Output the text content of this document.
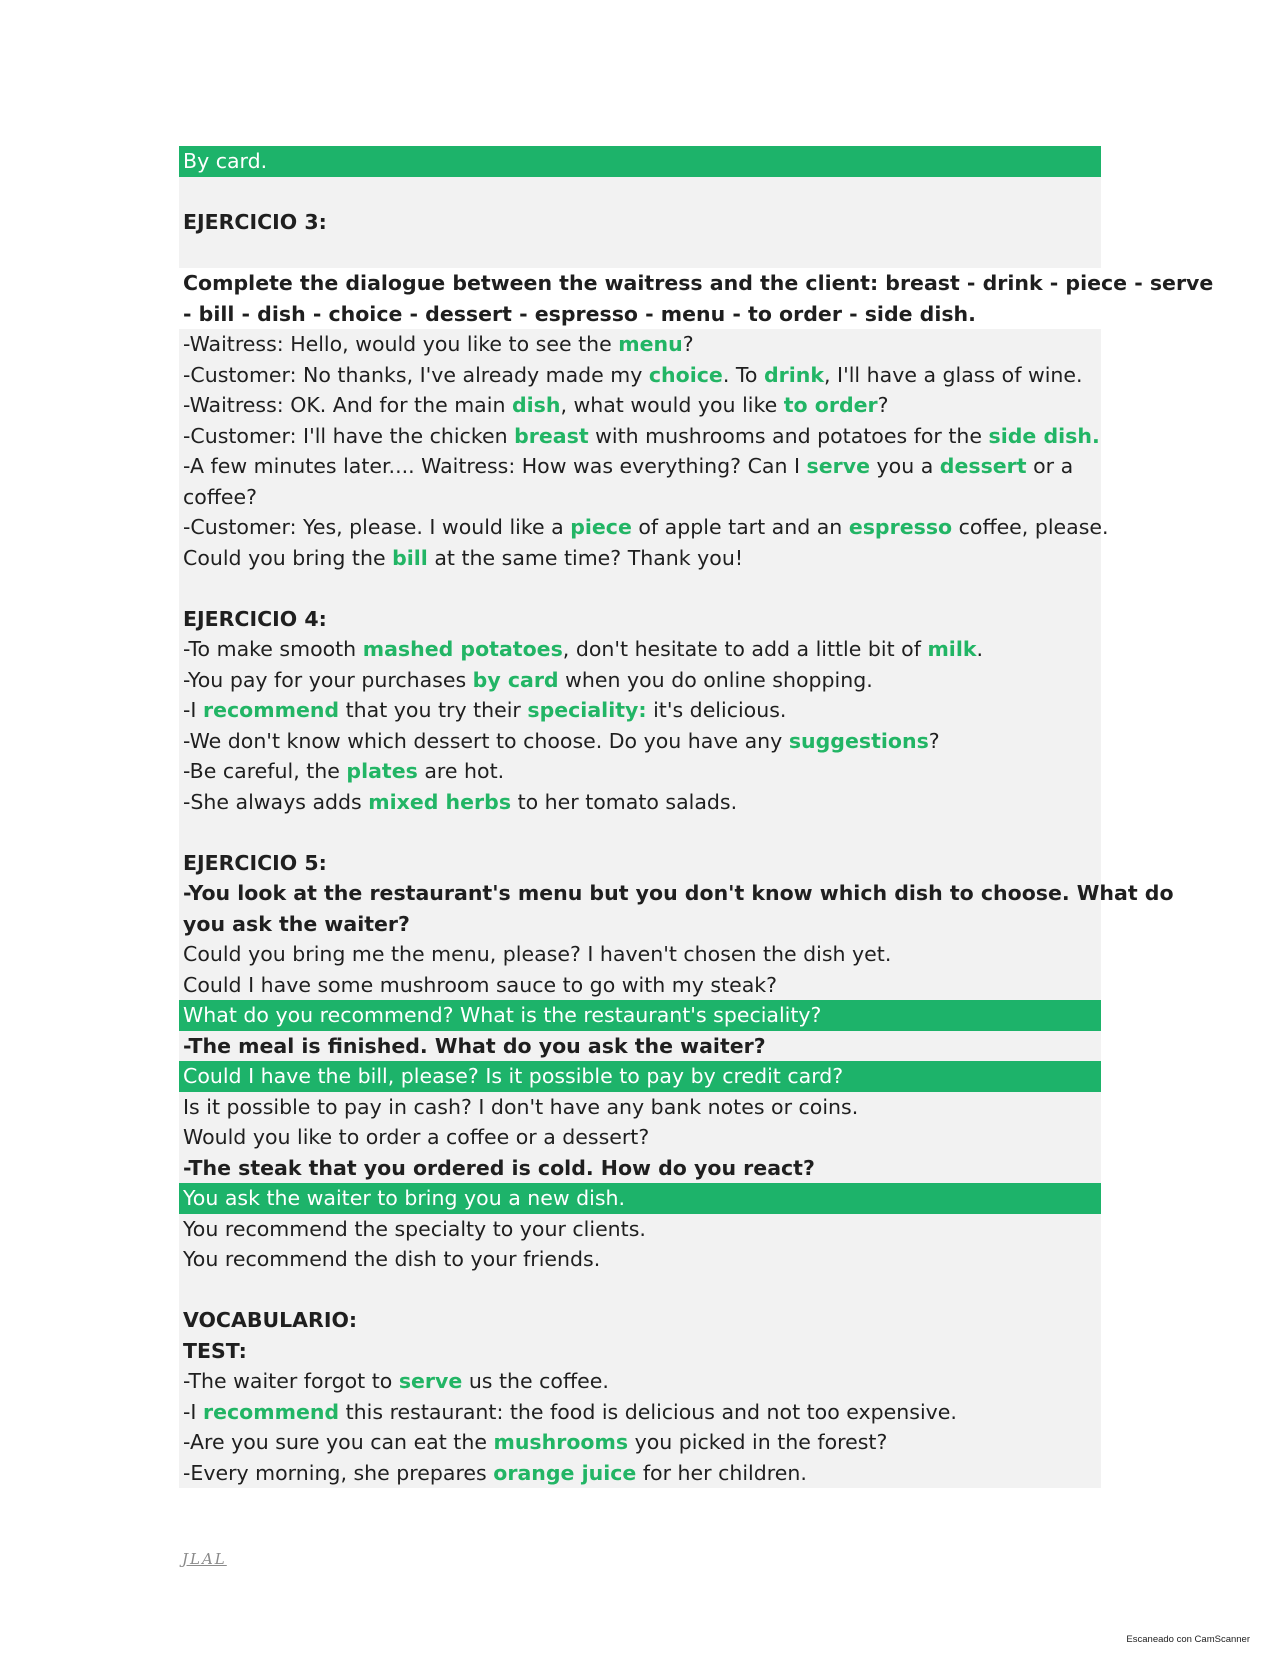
By card.
EJERCICIO 3:
Complete the dialogue between the waitress and the client: breast - drink - piece - serve
- bill - dish - choice - dessert - espresso - menu - to order - side dish.
-Waitress: Hello, would you like to see the menu?
-Customer: No thanks, I've already made my choice. To drink, I'll have a glass of wine.
-Waitress: OK. And for the main dish, what would you like to order?
-Customer: I'll have the chicken breast with mushrooms and potatoes for the side dish.
-A few minutes later.... Waitress: How was everything? Can I serve you a dessert or a
coffee?
-Customer: Yes, please. I would like a piece of apple tart and an espresso coffee, please.
Could you bring the bill at the same time? Thank you!
EJERCICIO 4:
-To make smooth mashed potatoes, don't hesitate to add a little bit of milk.
-You pay for your purchases by card when you do online shopping.
-I recommend that you try their speciality: it's delicious.
-We don't know which dessert to choose. Do you have any suggestions?
-Be careful, the plates are hot.
-She always adds mixed herbs to her tomato salads.
EJERCICIO 5:
-You look at the restaurant's menu but you don't know which dish to choose. What do
you ask the waiter?
Could you bring me the menu, please? I haven't chosen the dish yet.
Could I have some mushroom sauce to go with my steak?
What do you recommend? What is the restaurant's speciality?
-The meal is finished. What do you ask the waiter?
Could I have the bill, please? Is it possible to pay by credit card?
Is it possible to pay in cash? I don't have any bank notes or coins.
Would you like to order a coffee or a dessert?
-The steak that you ordered is cold. How do you react?
You ask the waiter to bring you a new dish.
You recommend the specialty to your clients.
You recommend the dish to your friends.
VOCABULARIO:
TEST:
-The waiter forgot to serve us the coffee.
-I recommend this restaurant: the food is delicious and not too expensive.
-Are you sure you can eat the mushrooms you picked in the forest?
-Every morning, she prepares orange juice for her children.
JLAL
Escaneado con CamScanner
